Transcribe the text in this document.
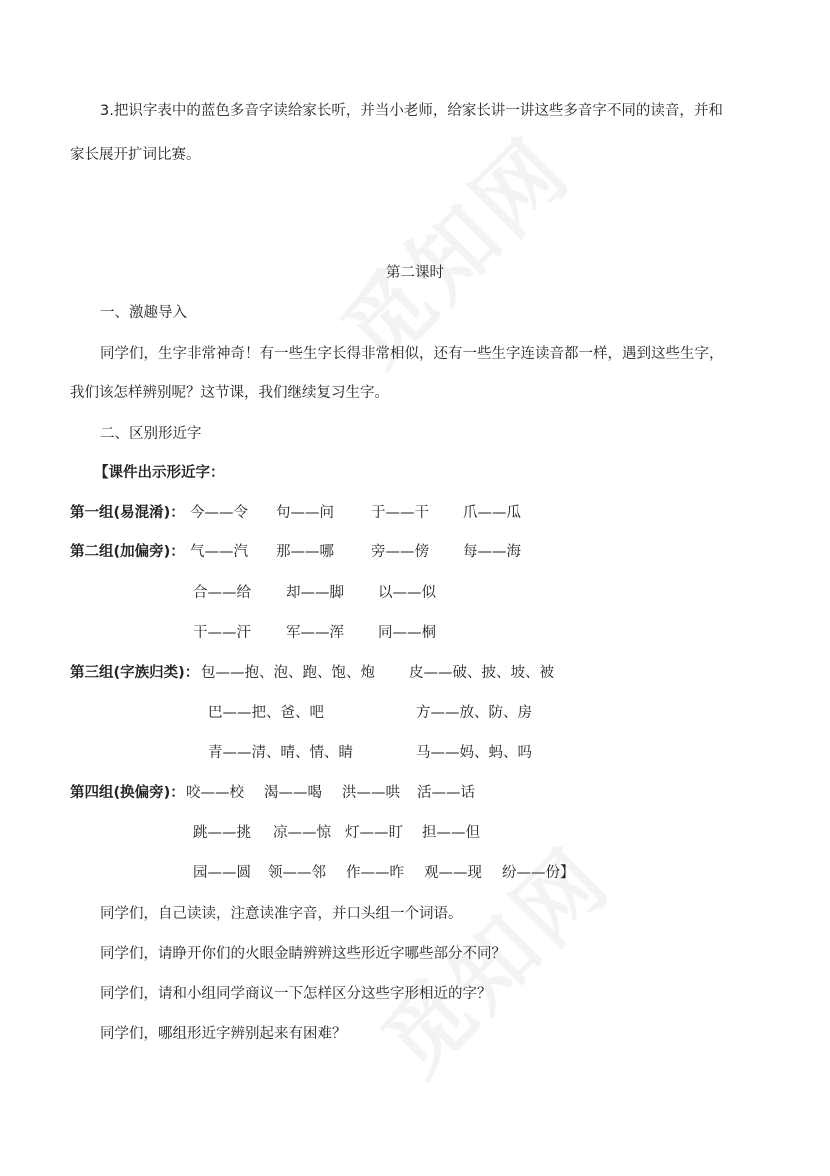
3.把识字表中的蓝色多音字读给家长听，并当小老师，给家长讲一讲这些多音字不同的读音，并和
家长展开扩词比赛。
第二课时
一、激趣导入
同学们，生字非常神奇！有一些生字长得非常相似，还有一些生字连读音都一样，遇到这些生字，
我们该怎样辨别呢？这节课，我们继续复习生字。
二、区别形近字
【课件出示形近字：
第一组(易混淆)： 今——令 句——问	于——干 爪——瓜
第二组(加偏旁)： 气——汽 那——哪	旁——傍 每——海
合——给 却——脚 以——似
干——汗 军——浑 同——桐
第三组(字族归类)： 包——抱、泡、跑、饱、炮 皮——破、披、坡、被
巴——把、爸、吧	方——放、防、房
青——清、晴、情、睛	马——妈、蚂、吗
第四组(换偏旁)： 咬——校 渴——喝 洪——哄 活——话
跳——挑 凉——惊 灯——盯 担——但
园——圆 领——邻 作——昨 观——现 纷——份】
同学们，自己读读，注意读准字音，并口头组一个词语。
同学们，请睁开你们的火眼金睛辨辨这些形近字哪些部分不同？
同学们，请和小组同学商议一下怎样区分这些字形相近的字？
同学们，哪组形近字辨别起来有困难？
